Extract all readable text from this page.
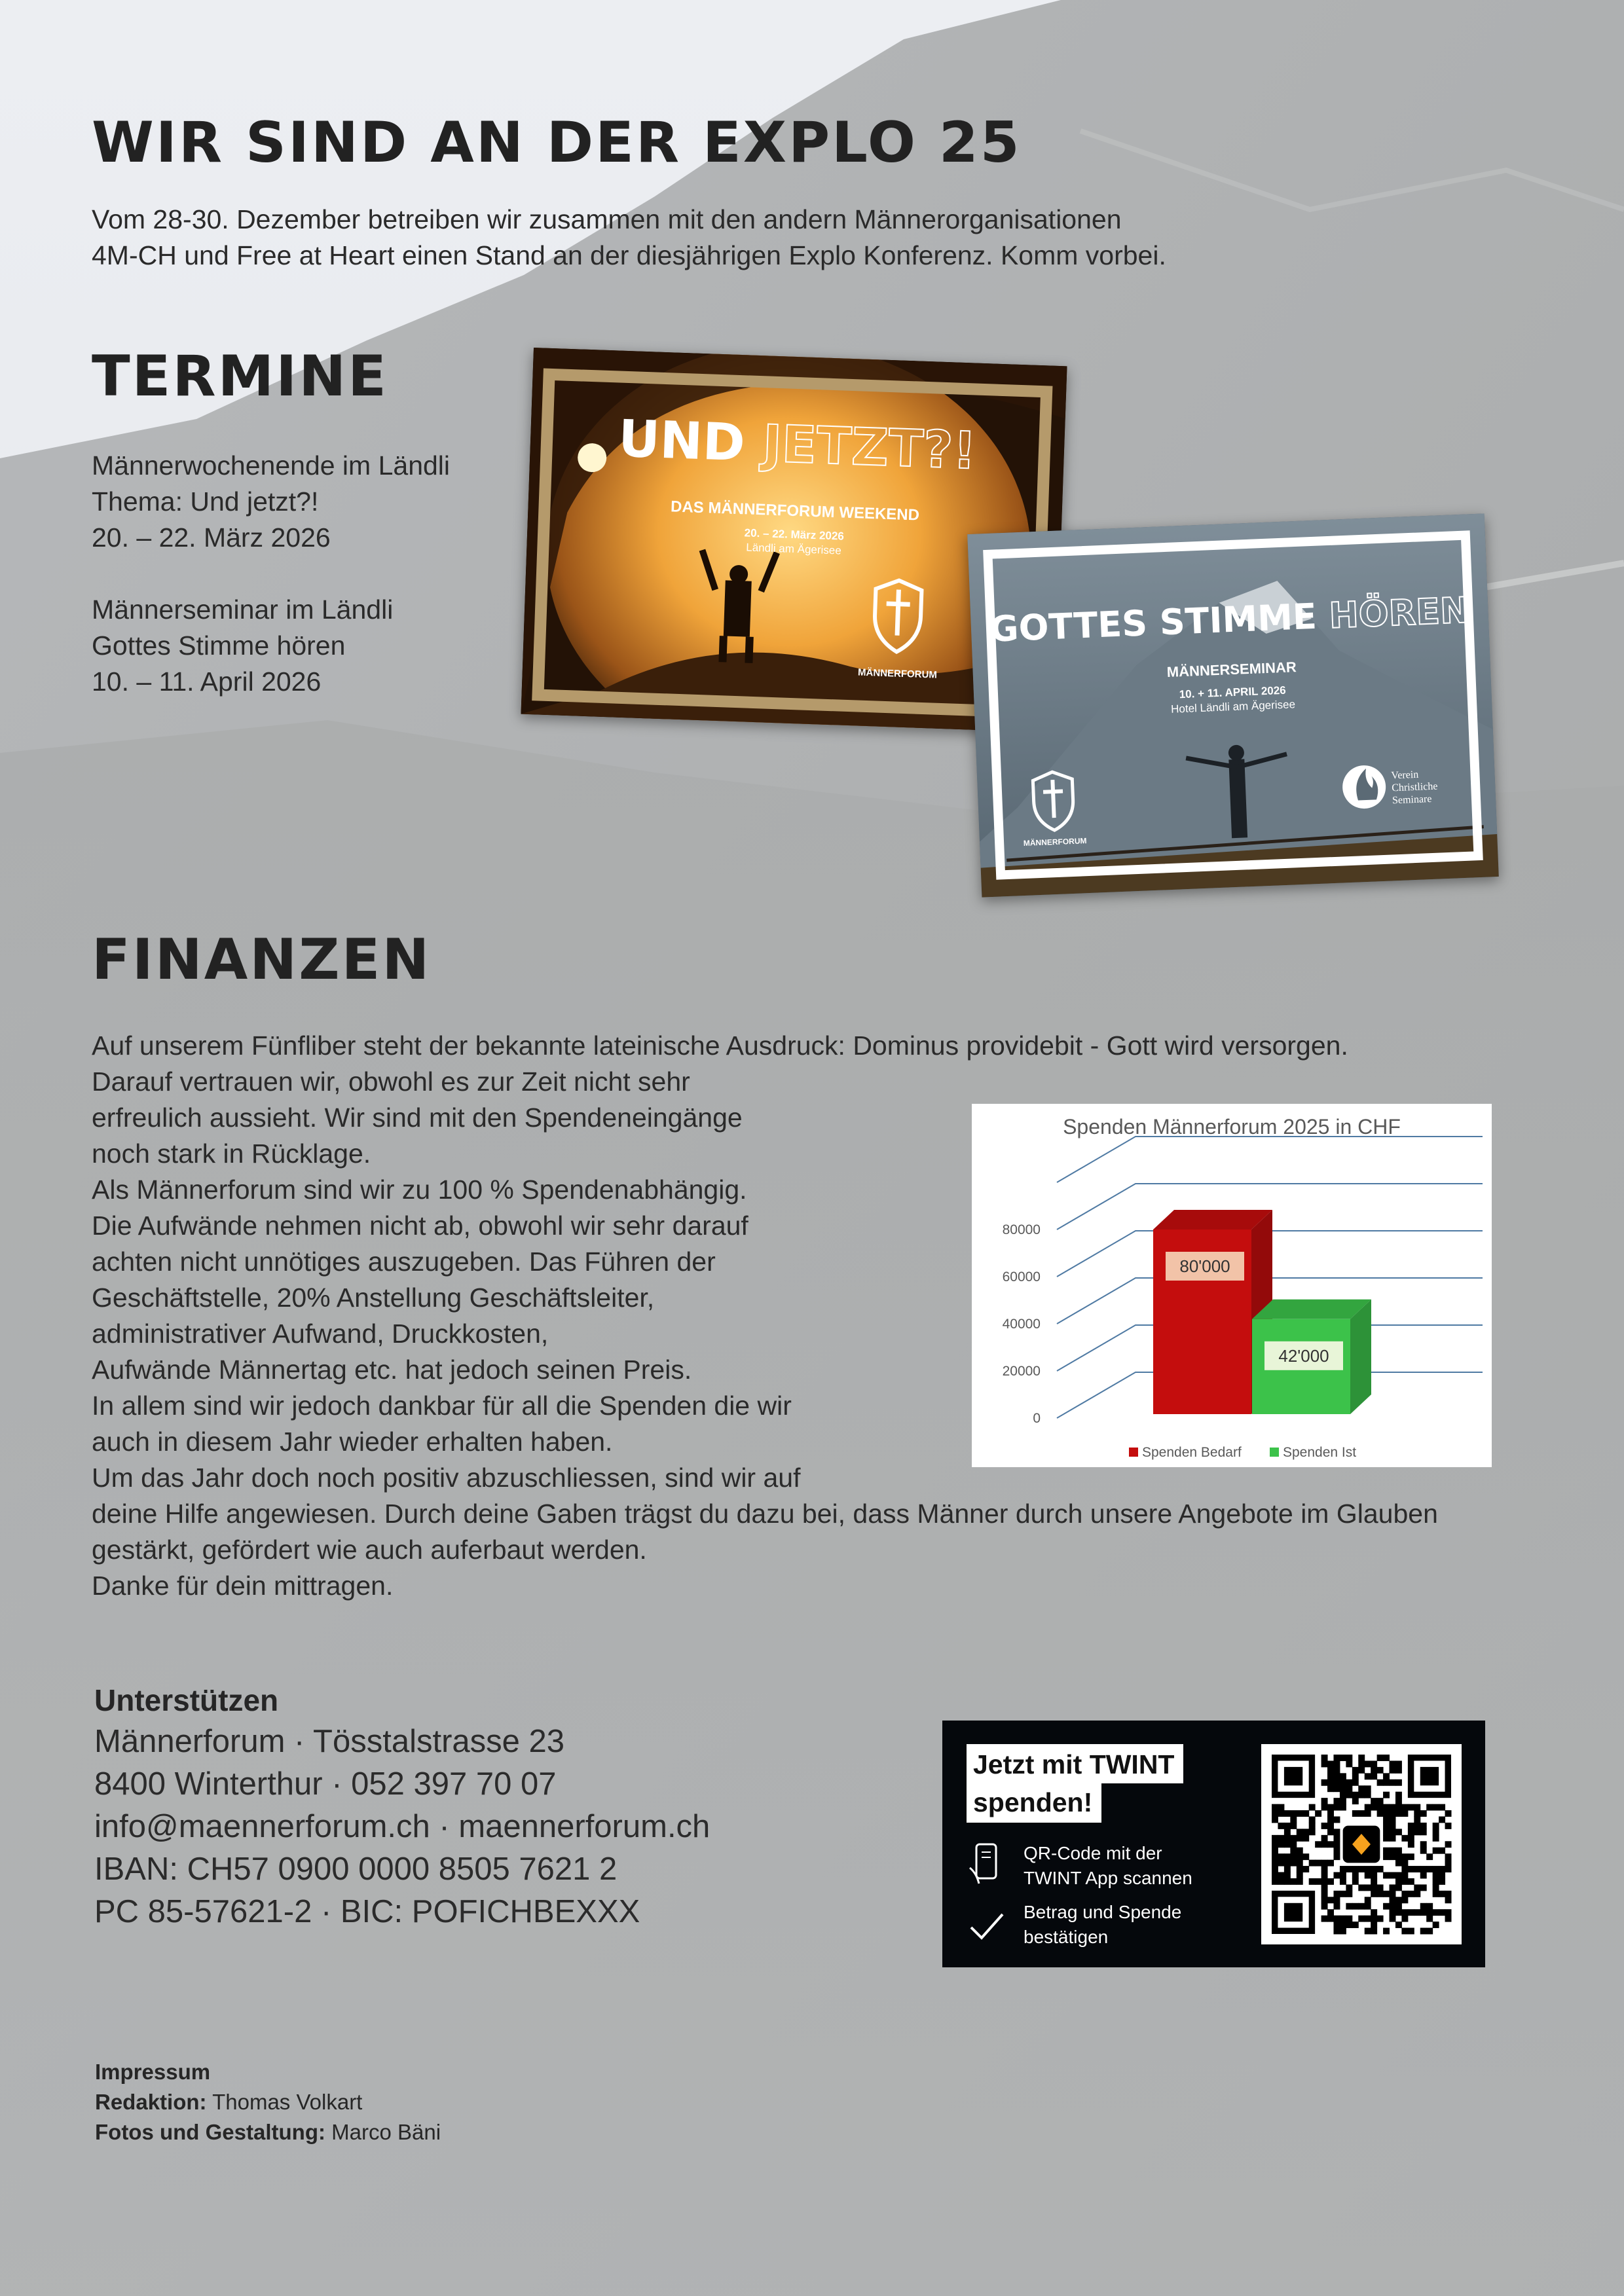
WIR SIND AN DER EXPLO 25
Vom 28-30. Dezember betreiben wir zusammen mit den andern Männerorganisationen
4M-CH und Free at Heart einen Stand an der diesjährigen Explo Konferenz. Komm vorbei.
TERMINE
Männerwochenende im Ländli
Thema: Und jetzt?!
20. – 22. März 2026
Männerseminar im Ländli
Gottes Stimme hören
10. – 11. April 2026
UND JETZT?!
DAS MÄNNERFORUM WEEKEND
20. – 22. März 2026
Ländli am Ägerisee
MÄNNERFORUM
GOTTES STIMME HÖREN
MÄNNERSEMINAR
10. + 11. APRIL 2026
Hotel Ländli am Ägerisee
MÄNNERFORUM
Verein
Christliche
Seminare
FINANZEN
Auf unserem Fünfliber steht der bekannte lateinische Ausdruck: Dominus providebit - Gott wird versorgen.
Darauf vertrauen wir, obwohl es zur Zeit nicht sehr
erfreulich aussieht. Wir sind mit den Spendeneingänge
noch stark in Rücklage.
Als Männerforum sind wir zu 100 % Spendenabhängig.
Die Aufwände nehmen nicht ab, obwohl wir sehr darauf
achten nicht unnötiges auszugeben. Das Führen der
Geschäftstelle, 20% Anstellung Geschäftsleiter,
administrativer Aufwand, Druckkosten,
Aufwände Männertag etc. hat jedoch seinen Preis.
In allem sind wir jedoch dankbar für all die Spenden die wir
auch in diesem Jahr wieder erhalten haben.
Um das Jahr doch noch positiv abzuschliessen, sind wir auf
deine Hilfe angewiesen. Durch deine Gaben trägst du dazu bei, dass Männer durch unsere Angebote im Glauben
gestärkt, gefördert wie auch auferbaut werden.
Danke für dein mittragen.
Spenden Männerforum 2025 in CHF
0
20000
40000
60000
80000
80'000
42'000
Spenden Bedarf	Spenden Ist
Unterstützen
Männerforum · Tösstalstrasse 23
8400 Winterthur · 052 397 70 07
info@maennerforum.ch · maennerforum.ch
IBAN: CH57 0900 0000 8505 7621 2
PC 85-57621-2 · BIC: POFICHBEXXX
Jetzt mit TWINT
spenden!
QR-Code mit der
TWINT App scannen
Betrag und Spende
bestätigen
Impressum
Redaktion: Thomas Volkart
Fotos und Gestaltung: Marco Bäni
